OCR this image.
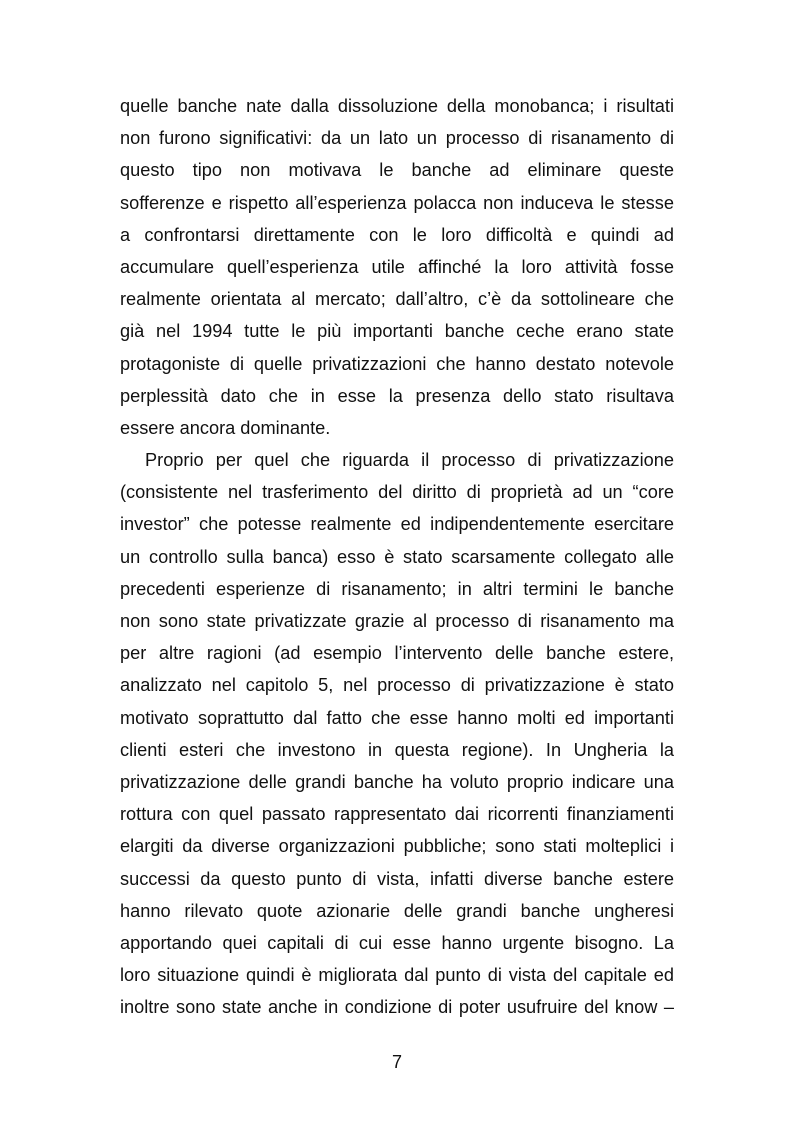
quelle banche nate dalla dissoluzione della monobanca; i risultati
non furono significativi: da un lato un processo di risanamento di
questo tipo non motivava le banche ad eliminare queste
sofferenze e rispetto all’esperienza polacca non induceva le stesse
a confrontarsi direttamente con le loro difficoltà e quindi ad
accumulare quell’esperienza utile affinché la loro attività fosse
realmente orientata al mercato; dall’altro, c’è da sottolineare che
già nel 1994 tutte le più importanti banche ceche erano state
protagoniste di quelle privatizzazioni che hanno destato notevole
perplessità dato che in esse la presenza dello stato risultava
essere ancora dominante.
Proprio per quel che riguarda il processo di privatizzazione
(consistente nel trasferimento del diritto di proprietà ad un “core
investor” che potesse realmente ed indipendentemente esercitare
un controllo sulla banca) esso è stato scarsamente collegato alle
precedenti esperienze di risanamento; in altri termini le banche
non sono state privatizzate grazie al processo di risanamento ma
per altre ragioni (ad esempio l’intervento delle banche estere,
analizzato nel capitolo 5, nel processo di privatizzazione è stato
motivato soprattutto dal fatto che esse hanno molti ed importanti
clienti esteri che investono in questa regione). In Ungheria la
privatizzazione delle grandi banche ha voluto proprio indicare una
rottura con quel passato rappresentato dai ricorrenti finanziamenti
elargiti da diverse organizzazioni pubbliche; sono stati molteplici i
successi da questo punto di vista, infatti diverse banche estere
hanno rilevato quote azionarie delle grandi banche ungheresi
apportando quei capitali di cui esse hanno urgente bisogno. La
loro situazione quindi è migliorata dal punto di vista del capitale ed
inoltre sono state anche in condizione di poter usufruire del know –
7
